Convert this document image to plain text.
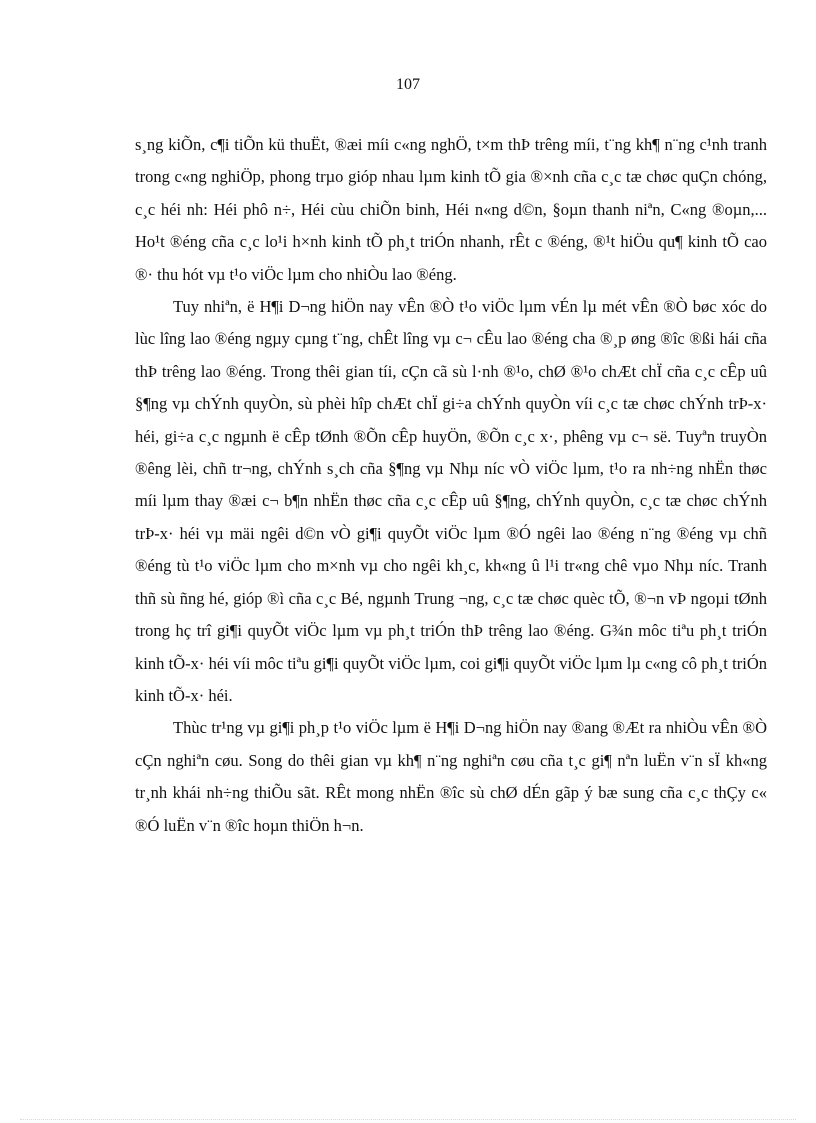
107

s¸ng kiÕn, c¶i tiÕn kü thuËt, ®æi míi c«ng nghÖ, t×m thÞ trêng míi, t¨ng kh¶ n¨ng c¹nh tranh trong c«ng nghiÖp, phong trµo gióp nhau lµm kinh tÕ gia ®×nh cña c¸c tæ chøc quÇn chóng, c¸c héi nh: Héi phô n÷, Héi cùu chiÕn binh, Héi n«ng d©n, §oµn thanh niªn, C«ng ®oµn,... Ho¹t ®éng cña c¸c lo¹i h×nh kinh tÕ ph¸t triÓn nhanh, rÊt c ®éng, ®¹t hiÖu qu¶ kinh tÕ cao ®· thu hót vµ t¹o viÖc lµm cho nhiÒu lao ®éng.

Tuy nhiªn, ë H¶i D¬ng hiÖn nay vÊn ®Ò t¹o viÖc lµm vÉn lµ mét vÊn ®Ò bøc xóc do lùc lîng lao ®éng ngµy cµng t¨ng, chÊt lîng vµ c¬ cÊu lao ®éng cha ®¸p øng ®îc ®ßi hái cña thÞ trêng lao ®éng. Trong thêi gian tíi, cÇn cã sù l·nh ®¹o, chØ ®¹o chÆt chÏ cña c¸c cÊp uû §¶ng vµ chÝnh quyÒn, sù phèi hîp chÆt chÏ gi÷a chÝnh quyÒn víi c¸c tæ chøc chÝnh trÞ-x· héi, gi÷a c¸c ngµnh ë cÊp tØnh ®Õn cÊp huyÖn, ®Õn c¸c x·, phêng vµ c¬ së. Tuyªn truyÒn ®êng lèi, chñ tr¬ng, chÝnh s¸ch cña §¶ng vµ Nhµ níc vÒ viÖc lµm, t¹o ra nh÷ng nhËn thøc míi lµm thay ®æi c¬ b¶n nhËn thøc cña c¸c cÊp uû §¶ng, chÝnh quyÒn, c¸c tæ chøc chÝnh trÞ-x· héi vµ mäi ngêi d©n vÒ gi¶i quyÕt viÖc lµm ®Ó ngêi lao ®éng n¨ng ®éng vµ chñ ®éng tù t¹o viÖc lµm cho m×nh vµ cho ngêi kh¸c, kh«ng û l¹i tr«ng chê vµo Nhµ níc. Tranh thñ sù ñng hé, gióp ®ì cña c¸c Bé, ngµnh Trung ¬ng, c¸c tæ chøc quèc tÕ, ®¬n vÞ ngoµi tØnh trong hç trî gi¶i quyÕt viÖc lµm vµ ph¸t triÓn thÞ trêng lao ®éng. G¾n môc tiªu ph¸t triÓn kinh tÕ-x· héi víi môc tiªu gi¶i quyÕt viÖc lµm, coi gi¶i quyÕt viÖc lµm lµ c«ng cô ph¸t triÓn kinh tÕ-x· héi.

Thùc tr¹ng vµ gi¶i ph¸p t¹o viÖc lµm ë H¶i D¬ng hiÖn nay ®ang ®Æt ra nhiÒu vÊn ®Ò cÇn nghiªn cøu. Song do thêi gian vµ kh¶ n¨ng nghiªn cøu cña t¸c gi¶ nªn luËn v¨n sÏ kh«ng tr¸nh khái nh÷ng thiÕu sãt. RÊt mong nhËn ®îc sù chØ dÉn gãp ý bæ sung cña c¸c thÇy c« ®Ó luËn v¨n ®îc hoµn thiÖn h¬n.
